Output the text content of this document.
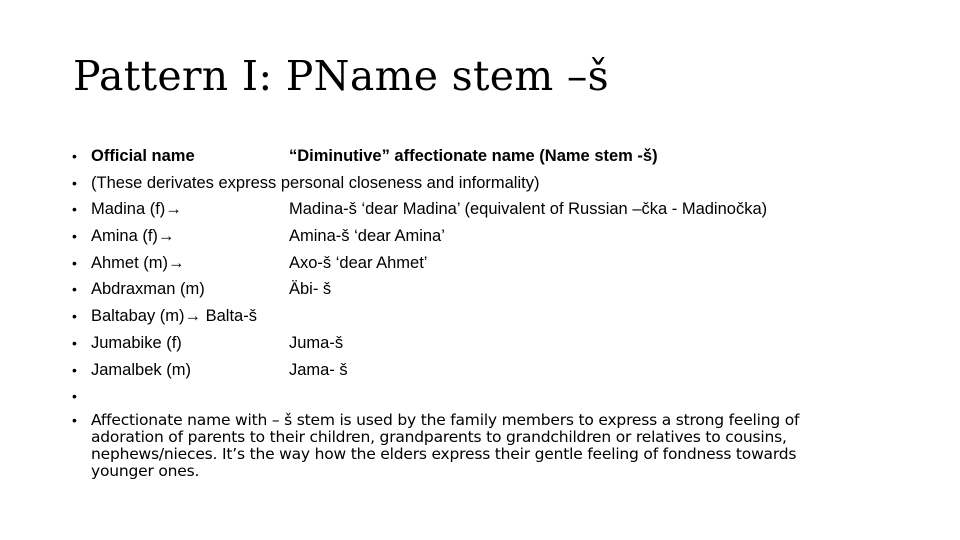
Pattern I: PName stem –š
• Official name	“Diminutive” affectionate name (Name stem -š)
• (These derivates express personal closeness and informality)
• Madina (f)→	Madina-š ‘dear Madina’ (equivalent of Russian –čka - Madinočka)
• Amina (f)→	Amina-š ‘dear Amina’
• Ahmet (m)→	Axo-š ‘dear Ahmet’
• Abdraxman (m)	Äbi- š
• Baltabay (m)→ Balta-š
• Jumabike (f)	Juma-š
• Jamalbek (m)	Jama- š
•
• Affectionate name with – š stem is used by the family members to express a strong feeling of adoration of parents to their children, grandparents to grandchildren or relatives to cousins, nephews/nieces. It’s the way how the elders express their gentle feeling of fondness towards younger ones.
